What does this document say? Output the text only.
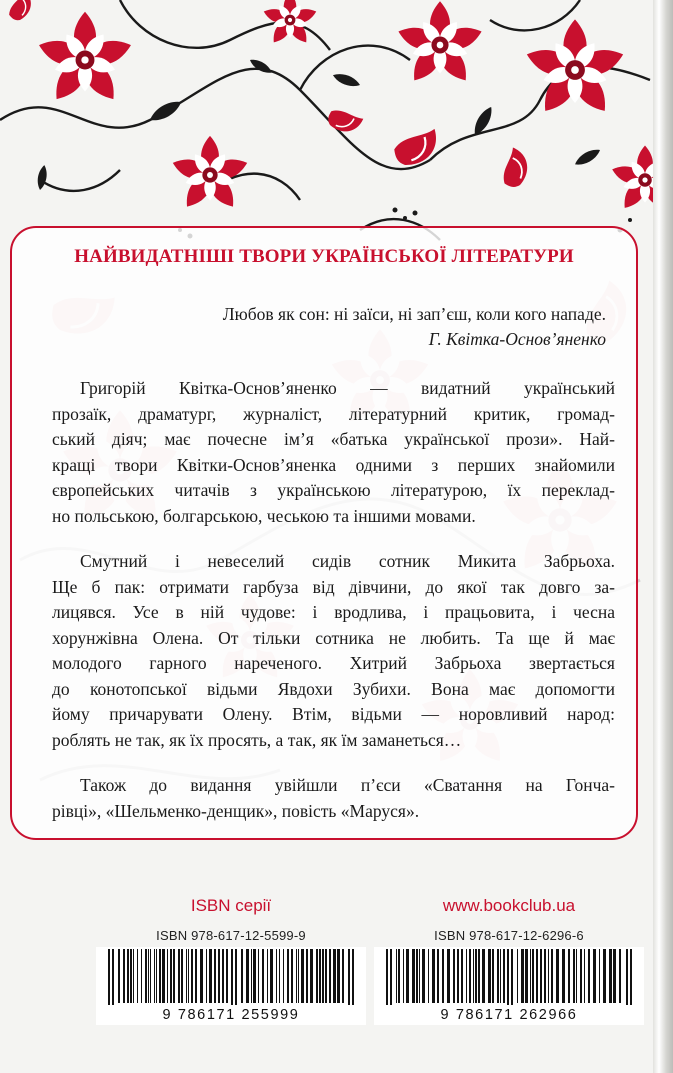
НАЙВИДАТНІШІ ТВОРИ УКРАЇНСЬКОЇ ЛІТЕРАТУРИ
Любов як сон: ні заїси, ні зап’єш, коли кого нападе.
Г. Квітка-Основ’яненко
Григорій Квітка-Основ’яненко — видатний український
прозаїк, драматург, журналіст, літературний критик, громад-
ський діяч; має почесне ім’я «батька української прози». Най-
кращі твори Квітки-Основ’яненка одними з перших знайомили
європейських читачів з українською літературою, їх переклад-
но польською, болгарською, чеською та іншими мовами.
Смутний і невеселий сидів сотник Микита Забрьоха.
Ще б пак: отримати гарбуза від дівчини, до якої так довго за-
лицявся. Усе в ній чудове: і вродлива, і працьовита, і чесна
хорунжівна Олена. От тільки сотника не любить. Та ще й має
молодого гарного нареченого. Хитрий Забрьоха звертається
до конотопської відьми Явдохи Зубихи. Вона має допомогти
йому причарувати Олену. Втім, відьми — норовливий народ:
роблять не так, як їх просять, а так, як їм заманеться…
Також до видання увійшли п’єси «Сватання на Гонча-
рівці», «Шельменко-денщик», повість «Маруся».
ISBN серії
ISBN 978-617-12-5599-9
9 786171 255999
www.bookclub.ua
ISBN 978-617-12-6296-6
9 786171 262966
